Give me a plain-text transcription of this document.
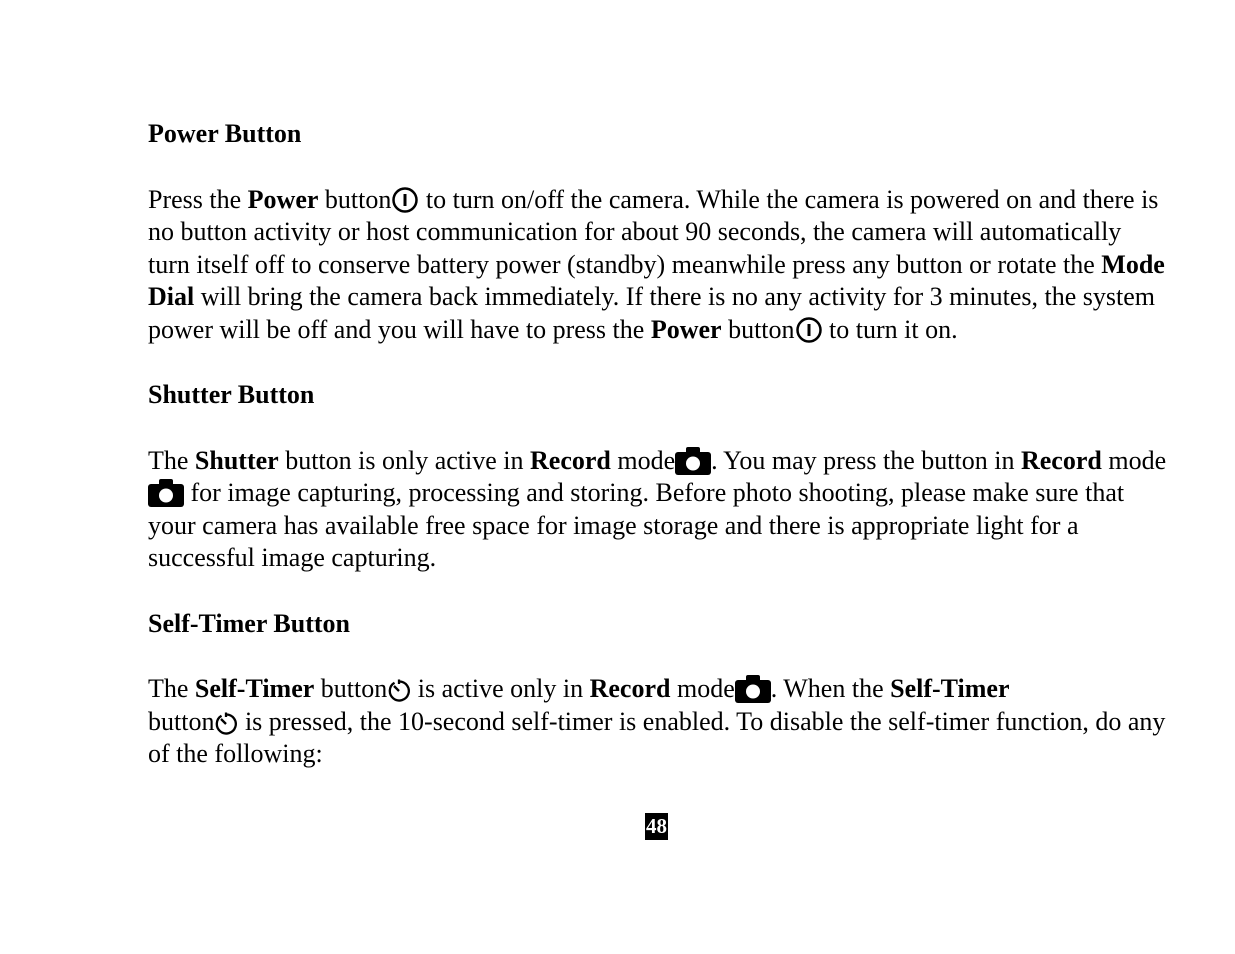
Power Button

Press the Power button to turn on/off the camera. While the camera is powered on and there is no button activity or host communication for about 90 seconds, the camera will automatically turn itself off to conserve battery power (standby) meanwhile press any button or rotate the Mode Dial will bring the camera back immediately. If there is no any activity for 3 minutes, the system power will be off and you will have to press the Power button to turn it on.

Shutter Button

The Shutter button is only active in Record mode . You may press the button in Record mode for image capturing, processing and storing. Before photo shooting, please make sure that your camera has available free space for image storage and there is appropriate light for a successful image capturing.

Self-Timer Button

The Self-Timer button is active only in Record mode . When the Self-Timer
button is pressed, the 10-second self-timer is enabled. To disable the self-timer function, do any of the following:

48
